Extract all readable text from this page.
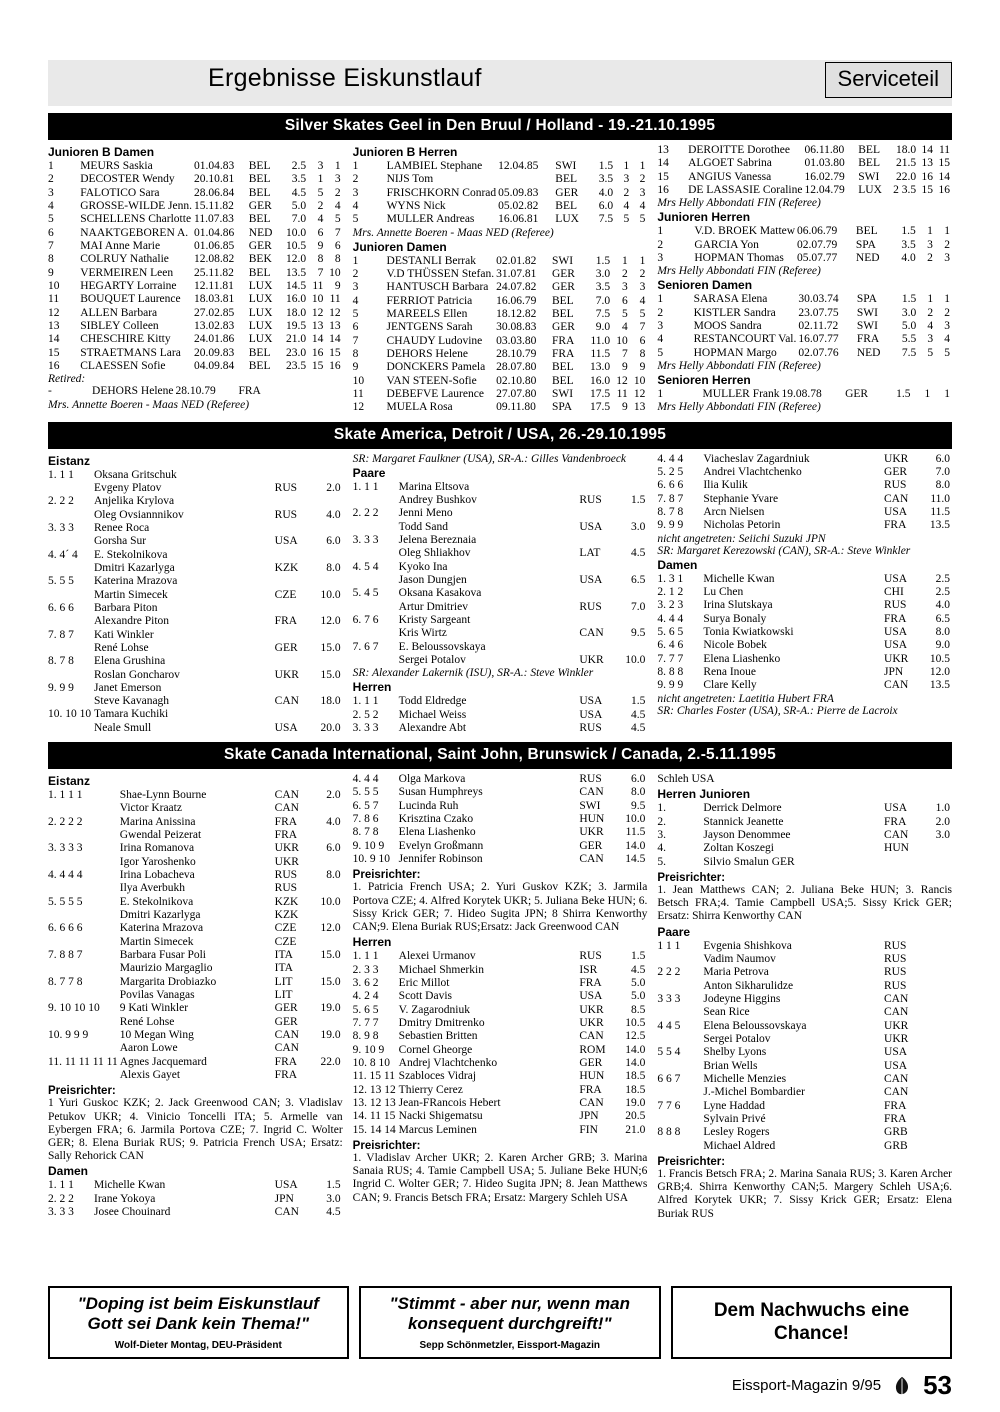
Ergebnisse Eiskunstlauf	Serviceteil
Silver Skates Geel in Den Bruul / Holland - 19.-21.10.1995
Junioren B Damen
1	MEURS Saskia	01.04.83	BEL	2.5	3	1
2	DECOSTER Wendy	20.10.81	BEL	3.5	1	3
3	FALOTICO Sara	28.06.84	BEL	4.5	5	2
4	GROSSE-WILDE Jenn.	15.11.82	GER	5.0	2	4
5	SCHELLENS Charlotte	11.07.83	BEL	7.0	4	5
6	NAAKTGEBOREN A.	01.04.86	NED	10.0	6	7
7	MAI Anne Marie	01.06.85	GER	10.5	9	6
8	COLRUY Nathalie	12.08.82	BEK	12.0	8	8
9	VERMEIREN Leen	25.11.82	BEL	13.5	7	10
10	HEGARTY Lorraine	12.11.81	LUX	14.5	11	9
11	BOUQUET Laurence	18.03.81	LUX	16.0	10	11
12	ALLEN Barbara	27.02.85	LUX	18.0	12	12
13	SIBLEY Colleen	13.02.83	LUX	19.5	13	13
14	CHESCHIRE Kitty	24.01.86	LUX	21.0	14	14
15	STRAETMANS Lara	20.09.83	BEL	23.0	16	15
16	CLAESSEN Sofie	04.09.84	BEL	23.5	15	16
Retired:
-	DEHORS Helene	28.10.79	FRA			
Mrs. Annette Boeren - Maas NED (Referee)
Junioren B Herren
1	LAMBIEL Stephane	12.04.85	SWI	1.5	1	1
2	NIJS Tom		BEL	3.5	3	2
3	FRISCHKORN Conrad	05.09.83	GER	4.0	2	3
4	WYNS Nick	05.02.82	BEL	6.0	4	4
5	MULLER Andreas	16.06.81	LUX	7.5	5	5
Mrs. Annette Boeren - Maas NED (Referee)
Junioren Damen
1	DESTANLI Berrak	02.01.82	SWI	1.5	1	1
2	V.D THÜSSEN Stefan.	31.07.81	GER	3.0	2	2
3	HANTUSCH Barbara	24.07.82	GER	3.5	3	3
4	FERRIOT Patricia	16.06.79	BEL	7.0	6	4
5	MAREELS Ellen	18.12.82	BEL	7.5	5	5
6	JENTGENS Sarah	30.08.83	GER	9.0	4	7
7	CHAUDY Ludovine	03.03.80	FRA	11.0	10	6
8	DEHORS Helene	28.10.79	FRA	11.5	7	8
9	DONCKERS Pamela	28.07.80	BEL	13.0	9	9
10	VAN STEEN-Sofie	02.10.80	BEL	16.0	12	10
11	DEBEFVE Laurence	27.07.80	SWI	17.5	11	12
12	MUELA Rosa	09.11.80	SPA	17.5	9	13
13	DEROITTE Dorothee	06.11.80	BEL	18.0	14	11
14	ALGOET Sabrina	01.03.80	BEL	21.5	13	15
15	ANGIUS Vanessa	16.02.79	SWI	22.0	16	14
16	DE LASSASIE Coraline	12.04.79	LUX	2 3.5	15	16
Mrs Helly Abbondati FIN (Referee)
Junioren Herren
1	V.D. BROEK Mattew	06.06.79	BEL	1.5	1	1
2	GARCIA Yon	02.07.79	SPA	3.5	3	2
3	HOPMAN Thomas	05.07.77	NED	4.0	2	3
Mrs Helly Abbondati FIN (Referee)
Senioren Damen
1	SARASA Elena	30.03.74	SPA	1.5	1	1
2	KISTLER Sandra	23.07.75	SWI	3.0	2	2
3	MOOS Sandra	02.11.72	SWI	5.0	4	3
4	RESTANCOURT Val.	16.07.77	FRA	5.5	3	4
5	HOPMAN Margo	02.07.76	NED	7.5	5	5
Mrs Helly Abbondati FIN (Referee)
Senioren Herren
1	MULLER Frank	19.08.78	GER	1.5	1	1
Mrs Helly Abbondati FIN (Referee)
Skate America, Detroit / USA, 26.-29.10.1995
Eistanz
1. 1 1	Oksana Gritschuk		
	Evgeny Platov	RUS	2.0
2. 2 2	Anjelika Krylova		
	Oleg Ovsiannnikov	RUS	4.0
3. 3 3	Renee Roca		
	Gorsha Sur	USA	6.0
4. 4´ 4	E. Stekolnikova		
	Dmitri Kazarlyga	KZK	8.0
5. 5 5	Katerina Mrazova		
	Martin Simecek	CZE	10.0
6. 6 6	Barbara Piton		
	Alexandre Piton	FRA	12.0
7. 8 7	Kati Winkler		
	René Lohse	GER	15.0
8. 7 8	Elena Grushina		
	Roslan Goncharov	UKR	15.0
9. 9 9	Janet Emerson		
	Steve Kavanagh	CAN	18.0
10. 10 10	Tamara Kuchiki		
	Neale Smull	USA	20.0
SR: Margaret Faulkner (USA), SR-A.: Gilles Vandenbroeck
Paare
1. 1 1	Marina Eltsova		
	Andrey Bushkov	RUS	1.5
2. 2 2	Jenni Meno		
	Todd Sand	USA	3.0
3. 3 3	Jelena Bereznaia		
	Oleg Shliakhov	LAT	4.5
4. 5 4	Kyoko Ina		
	Jason Dungjen	USA	6.5
5. 4 5	Oksana Kasakova		
	Artur Dmitriev	RUS	7.0
6. 7 6	Kristy Sargeant		
	Kris Wirtz	CAN	9.5
7. 6 7	E. Beloussovskaya		
	Sergei Potalov	UKR	10.0
SR: Alexander Lakernik (ISU), SR-A.: Steve Winkler
Herren
1. 1 1	Todd Eldredge	USA	1.5
2. 5 2	Michael Weiss	USA	4.5
3. 3 3	Alexandre Abt	RUS	4.5
4. 4 4	Viacheslav Zagardniuk	UKR	6.0
5. 2 5	Andrei Vlachtchenko	GER	7.0
6. 6 6	Ilia Kulik	RUS	8.0
7. 8 7	Stephanie Yvare	CAN	11.0
8. 7 8	Arcn Nielsen	USA	11.5
9. 9 9	Nicholas Petorin	FRA	13.5
nicht angetreten: Seiichi Suzuki JPN
SR: Margaret Kerezowski (CAN), SR-A.: Steve Winkler
Damen
1. 3 1	Michelle Kwan	USA	2.5
2. 1 2	Lu Chen	CHI	2.5
3. 2 3	Irina Slutskaya	RUS	4.0
4. 4 4	Surya Bonaly	FRA	6.5
5. 6 5	Tonia Kwiatkowski	USA	8.0
6. 4 6	Nicole Bobek	USA	9.0
7. 7 7	Elena Liashenko	UKR	10.5
8. 8 8	Rena Inoue	JPN	12.0
9. 9 9	Clare Kelly	CAN	13.5
nicht angetreten: Laetitia Hubert FRA
SR: Charles Foster (USA), SR-A.: Pierre de Lacroix
Skate Canada International, Saint John, Brunswick / Canada, 2.-5.11.1995
Eistanz
1. 1 1 1	Shae-Lynn Bourne	CAN	2.0
	Victor Kraatz	CAN	
2. 2 2 2	Marina Anissina	FRA	4.0
	Gwendal Peizerat	FRA	
3. 3 3 3	Irina Romanova	UKR	6.0
	Igor Yaroshenko	UKR	
4. 4 4 4	Irina Lobacheva	RUS	8.0
	Ilya Averbukh	RUS	
5. 5 5 5	E. Stekolnikova	KZK	10.0
	Dmitri Kazarlyga	KZK	
6. 6 6 6	Katerina Mrazova	CZE	12.0
	Martin Simecek	CZE	
7. 8 8 7	Barbara Fusar Poli	ITA	15.0
	Maurizio Margaglio	ITA	
8. 7 7 8	Margarita Drobiazko	LIT	15.0
	Povilas Vanagas	LIT	
9. 10 10 10	9 Kati Winkler	GER	19.0
	René Lohse	GER	
10. 9 9 9	10 Megan Wing	CAN	19.0
	Aaron Lowe	CAN	
11. 11 11 11 11	Agnes Jacquemard	FRA	22.0
	Alexis Gayet	FRA	
Preisrichter:
1 Yuri Guskoc KZK; 2. Jack Greenwood CAN; 3. Vladislav Petukov UKR; 4. Vinicio Toncelli ITA; 5. Armelle van Eybergen FRA; 6. Jarmila Portova CZE; 7. Ingrid C. Wolter GER; 8. Elena Buriak RUS; 9. Patricia French USA; Ersatz: Sally Rehorick CAN
Damen
1. 1 1	Michelle Kwan	USA	1.5
2. 2 2	Irane Yokoya	JPN	3.0
3. 3 3	Josee Chouinard	CAN	4.5
4. 4 4	Olga Markova	RUS	6.0
5. 5 5	Susan Humphreys	CAN	8.0
6. 5 7	Lucinda Ruh	SWI	9.5
7. 8 6	Krisztina Czako	HUN	10.0
8. 7 8	Elena Liashenko	UKR	11.5
9. 10 9	Evelyn Großmann	GER	14.0
10. 9 10	Jennifer Robinson	CAN	14.5
Preisrichter:
1. Patricia French USA; 2. Yuri Guskov KZK; 3. Jarmila Portova CZE; 4. Alfred Korytek UKR; 5. Juliana Beke HUN; 6. Sissy Krick GER; 7. Hideo Sugita JPN; 8 Shirra Kenworthy CAN;9. Elena Buriak RUS;Ersatz: Jack Greenwood CAN
Herren
1. 1 1	Alexei Urmanov	RUS	1.5
2. 3 3	Michael Shmerkin	ISR	4.5
3. 6 2	Eric Millot	FRA	5.0
4. 2 4	Scott Davis	USA	5.0
5. 6 5	V. Zagarodniuk	UKR	8.5
7. 7 7	Dmitry Dmitrenko	UKR	10.5
8. 9 8	Sebastien Britten	CAN	12.5
9. 10 9	Cornel Gheorge	ROM	14.0
10. 8 10	Andrej Vlachtchenko	GER	14.0
11. 15 11	Szabloces Vidraj	HUN	18.5
12. 13 12	Thierry Cerez	FRA	18.5
13. 12 13	Jean-FRancois Hebert	CAN	19.0
14. 11 15	Nacki Shigematsu	JPN	20.5
15. 14 14	Marcus Leminen	FIN	21.0
Preisrichter:
1. Vladislav Archer UKR; 2. Karen Archer GRB; 3. Marina Sanaia RUS; 4. Tamie Campbell USA; 5. Juliane Beke HUN;6 Ingrid C. Wolter GER; 7. Hideo Sugita JPN; 8. Jean Matthews CAN; 9. Francis Betsch FRA; Ersatz: Margery Schleh USA
Schleh USA
Herren Junioren
1.	Derrick Delmore	USA	1.0
2.	Stannick Jeanette	FRA	2.0
3.	Jayson Denommee	CAN	3.0
4.	Zoltan Koszegi	HUN	
5.	Silvio Smalun GER		
Preisrichter:
1. Jean Matthews CAN; 2. Juliana Beke HUN; 3. Rancis Betsch FRA;4. Tamie Campbell USA;5. Sissy Krick GER; Ersatz: Shirra Kenworthy CAN
Paare
1 1 1	Evgenia Shishkova	RUS	
	Vadim Naumov	RUS	
2 2 2	Maria Petrova	RUS	
	Anton Sikharulidze	RUS	
3 3 3	Jodeyne Higgins	CAN	
	Sean Rice	CAN	
4 4 5	Elena Beloussovskaya	UKR	
	Sergei Potalov	UKR	
5 5 4	Shelby Lyons	USA	
	Brian Wells	USA	
6 6 7	Michelle Menzies	CAN	
	J.-Michel Bombardier	CAN	
7 7 6	Lyne Haddad	FRA	
	Sylvain Privé	FRA	
8 8 8	Lesley Rogers	GRB	
	Michael Aldred	GRB	
Preisrichter:
1. Francis Betsch FRA; 2. Marina Sanaia RUS; 3. Karen Archer GRB;4. Shirra Kenworthy CAN;5. Margery Schleh USA;6. Alfred Korytek UKR; 7. Sissy Krick GER; Ersatz: Elena Buriak RUS
"Doping ist beim Eiskunstlauf Gott sei Dank kein Thema!"
Wolf-Dieter Montag, DEU-Präsident
"Stimmt - aber nur, wenn man konsequent durchgreift!"
Sepp Schönmetzler, Eissport-Magazin
Dem Nachwuchs eine Chance!
Eissport-Magazin 9/95 53
